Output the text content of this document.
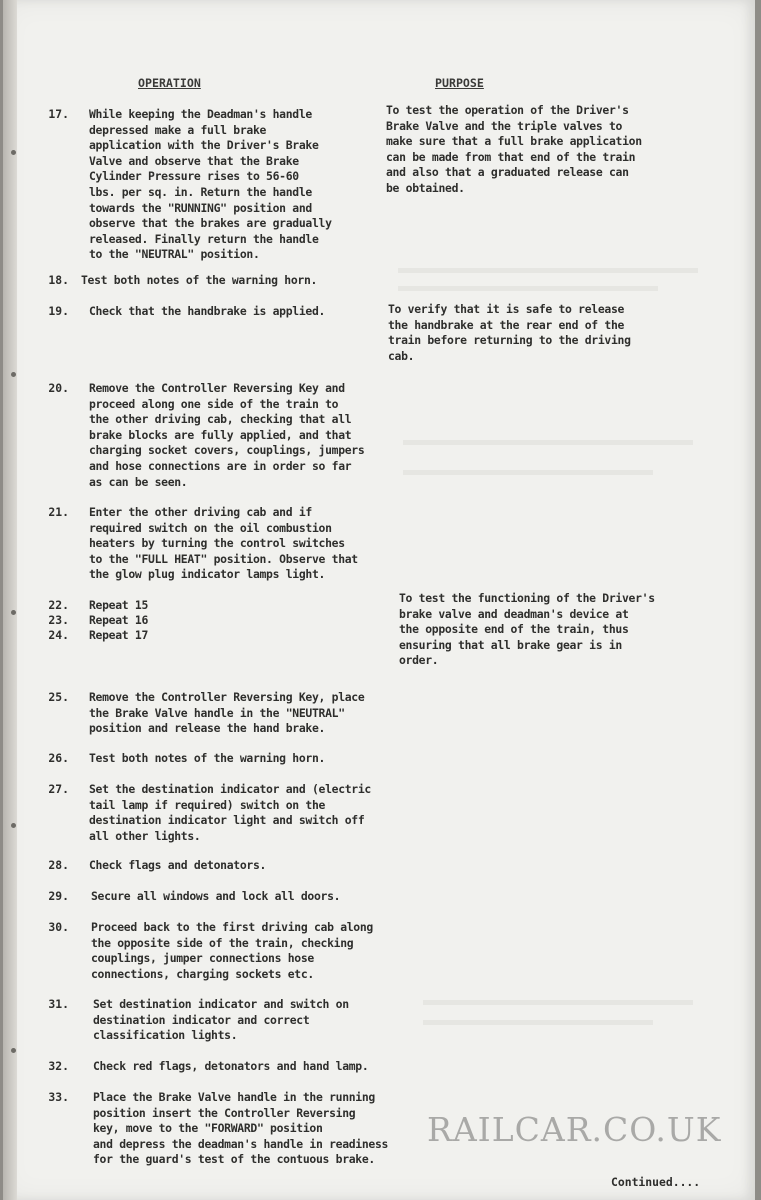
OPERATION	PURPOSE
17. While keeping the Deadman's handle
depressed make a full brake
application with the Driver's Brake
Valve and observe that the Brake
Cylinder Pressure rises to 56-60
lbs. per sq. in. Return the handle
towards the "RUNNING" position and
observe that the brakes are gradually
released. Finally return the handle
to the "NEUTRAL" position.
To test the operation of the Driver's
Brake Valve and the triple valves to
make sure that a full brake application
can be made from that end of the train
and also that a graduated release can
be obtained.
18. Test both notes of the warning horn.
19. Check that the handbrake is applied.	To verify that it is safe to release
the handbrake at the rear end of the
train before returning to the driving
cab.
20. Remove the Controller Reversing Key and
proceed along one side of the train to
the other driving cab, checking that all
brake blocks are fully applied, and that
charging socket covers, couplings, jumpers
and hose connections are in order so far
as can be seen.
21. Enter the other driving cab and if
required switch on the oil combustion
heaters by turning the control switches
to the "FULL HEAT" position. Observe that
the glow plug indicator lamps light.
22. Repeat 15
23. Repeat 16
24. Repeat 17
To test the functioning of the Driver's
brake valve and deadman's device at
the opposite end of the train, thus
ensuring that all brake gear is in
order.
25. Remove the Controller Reversing Key, place
the Brake Valve handle in the "NEUTRAL"
position and release the hand brake.
26. Test both notes of the warning horn.
27. Set the destination indicator and (electric
tail lamp if required) switch on the
destination indicator light and switch off
all other lights.
28. Check flags and detonators.
29. Secure all windows and lock all doors.
30. Proceed back to the first driving cab along
the opposite side of the train, checking
couplings, jumper connections hose
connections, charging sockets etc.
31. Set destination indicator and switch on
destination indicator and correct
classification lights.
32. Check red flags, detonators and hand lamp.
33. Place the Brake Valve handle in the running
position insert the Controller Reversing
key, move to the "FORWARD" position
and depress the deadman's handle in readiness
for the guard's test of the contuous brake.
RAILCAR.CO.UK
Continued....
